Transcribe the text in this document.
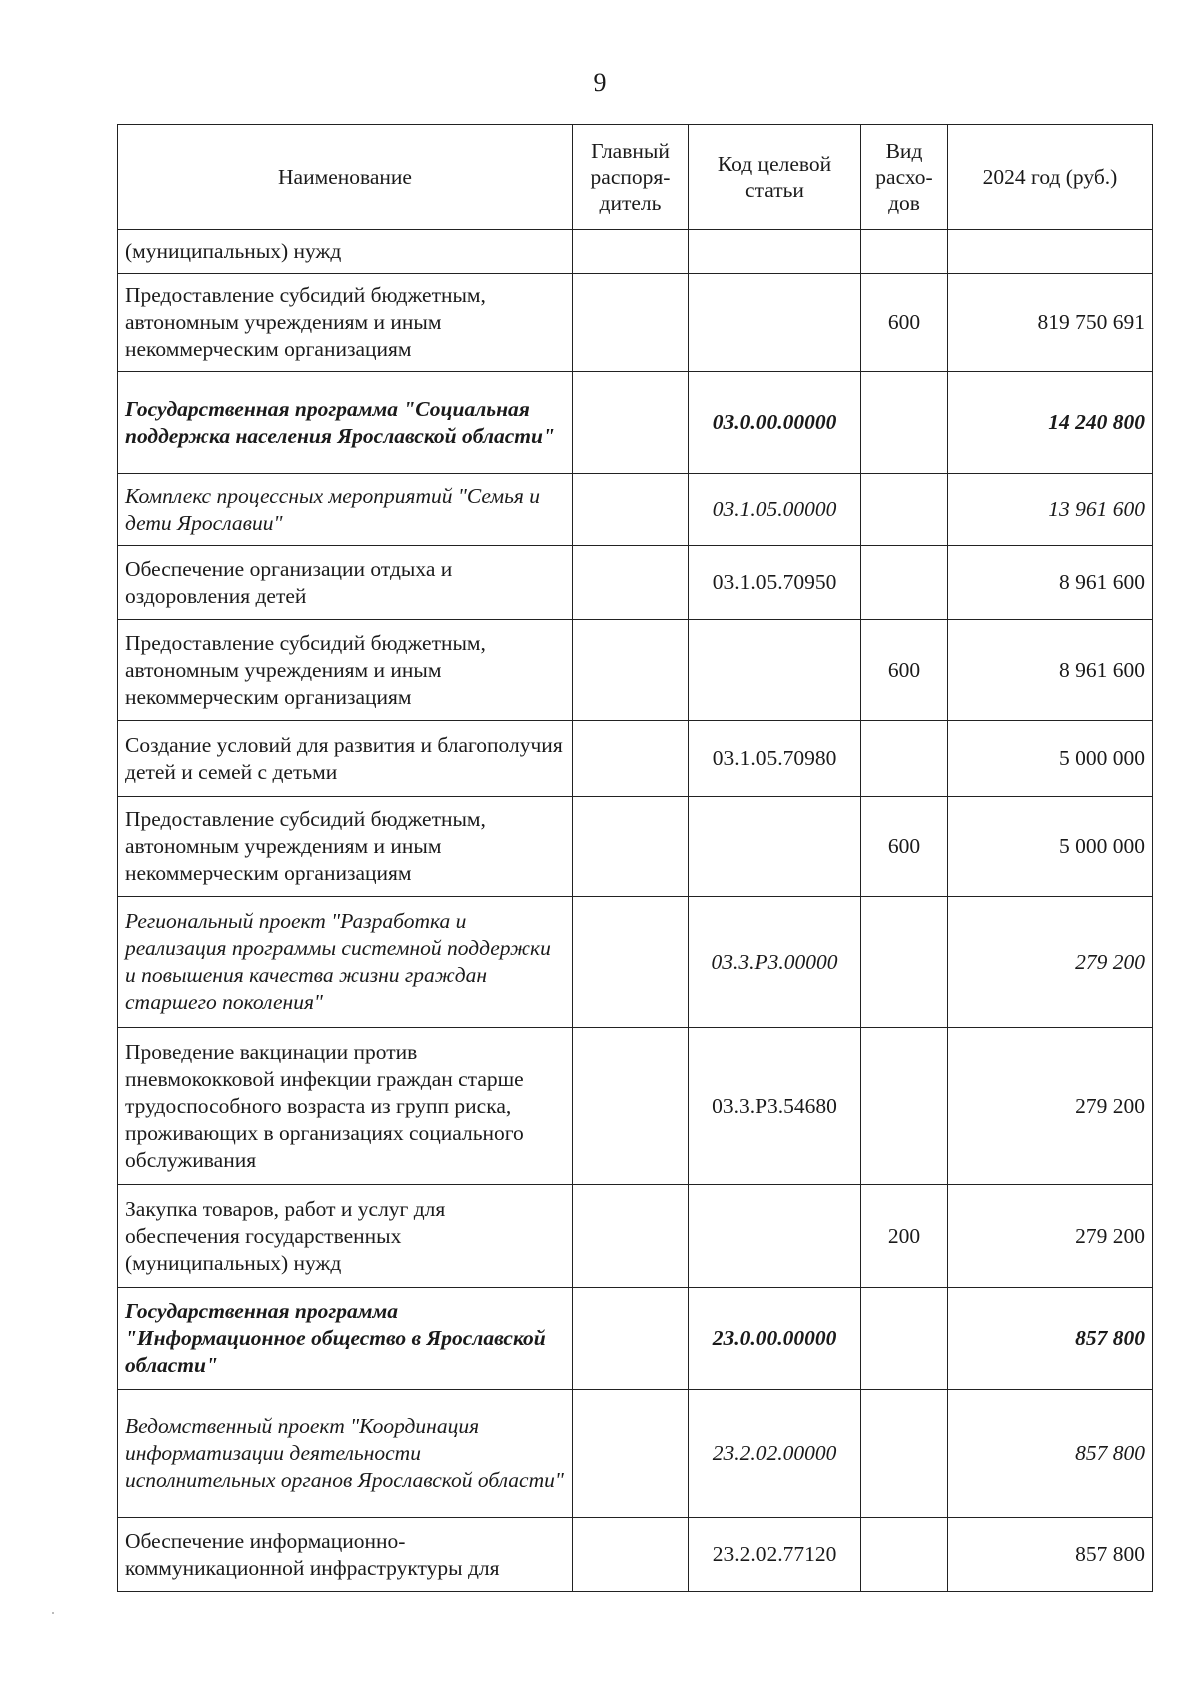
9
Наименование	Главный распоря-дитель	Код целевой статьи	Вид расхо-дов	2024 год (руб.)
(муниципальных) нужд				
Предоставление субсидий бюджетным, автономным учреждениям и иным некоммерческим организациям			600	819 750 691
Государственная программа "Социальная поддержка населения Ярославской области"		03.0.00.00000		14 240 800
Комплекс процессных мероприятий "Семья и дети Ярославии"		03.1.05.00000		13 961 600
Обеспечение организации отдыха и оздоровления детей		03.1.05.70950		8 961 600
Предоставление субсидий бюджетным, автономным учреждениям и иным некоммерческим организациям			600	8 961 600
Создание условий для развития и благополучия детей и семей с детьми		03.1.05.70980		5 000 000
Предоставление субсидий бюджетным, автономным учреждениям и иным некоммерческим организациям			600	5 000 000
Региональный проект "Разработка и реализация программы системной поддержки и повышения качества жизни граждан старшего поколения"		03.3.Р3.00000		279 200
Проведение вакцинации против пневмококковой инфекции граждан старше трудоспособного возраста из групп риска, проживающих в организациях социального обслуживания		03.3.Р3.54680		279 200
Закупка товаров, работ и услуг для обеспечения государственных (муниципальных) нужд			200	279 200
Государственная программа "Информационное общество в Ярославской области"		23.0.00.00000		857 800
Ведомственный проект "Координация информатизации деятельности исполнительных органов Ярославской области"		23.2.02.00000		857 800
Обеспечение информационно-коммуникационной инфраструктуры для		23.2.02.77120		857 800
